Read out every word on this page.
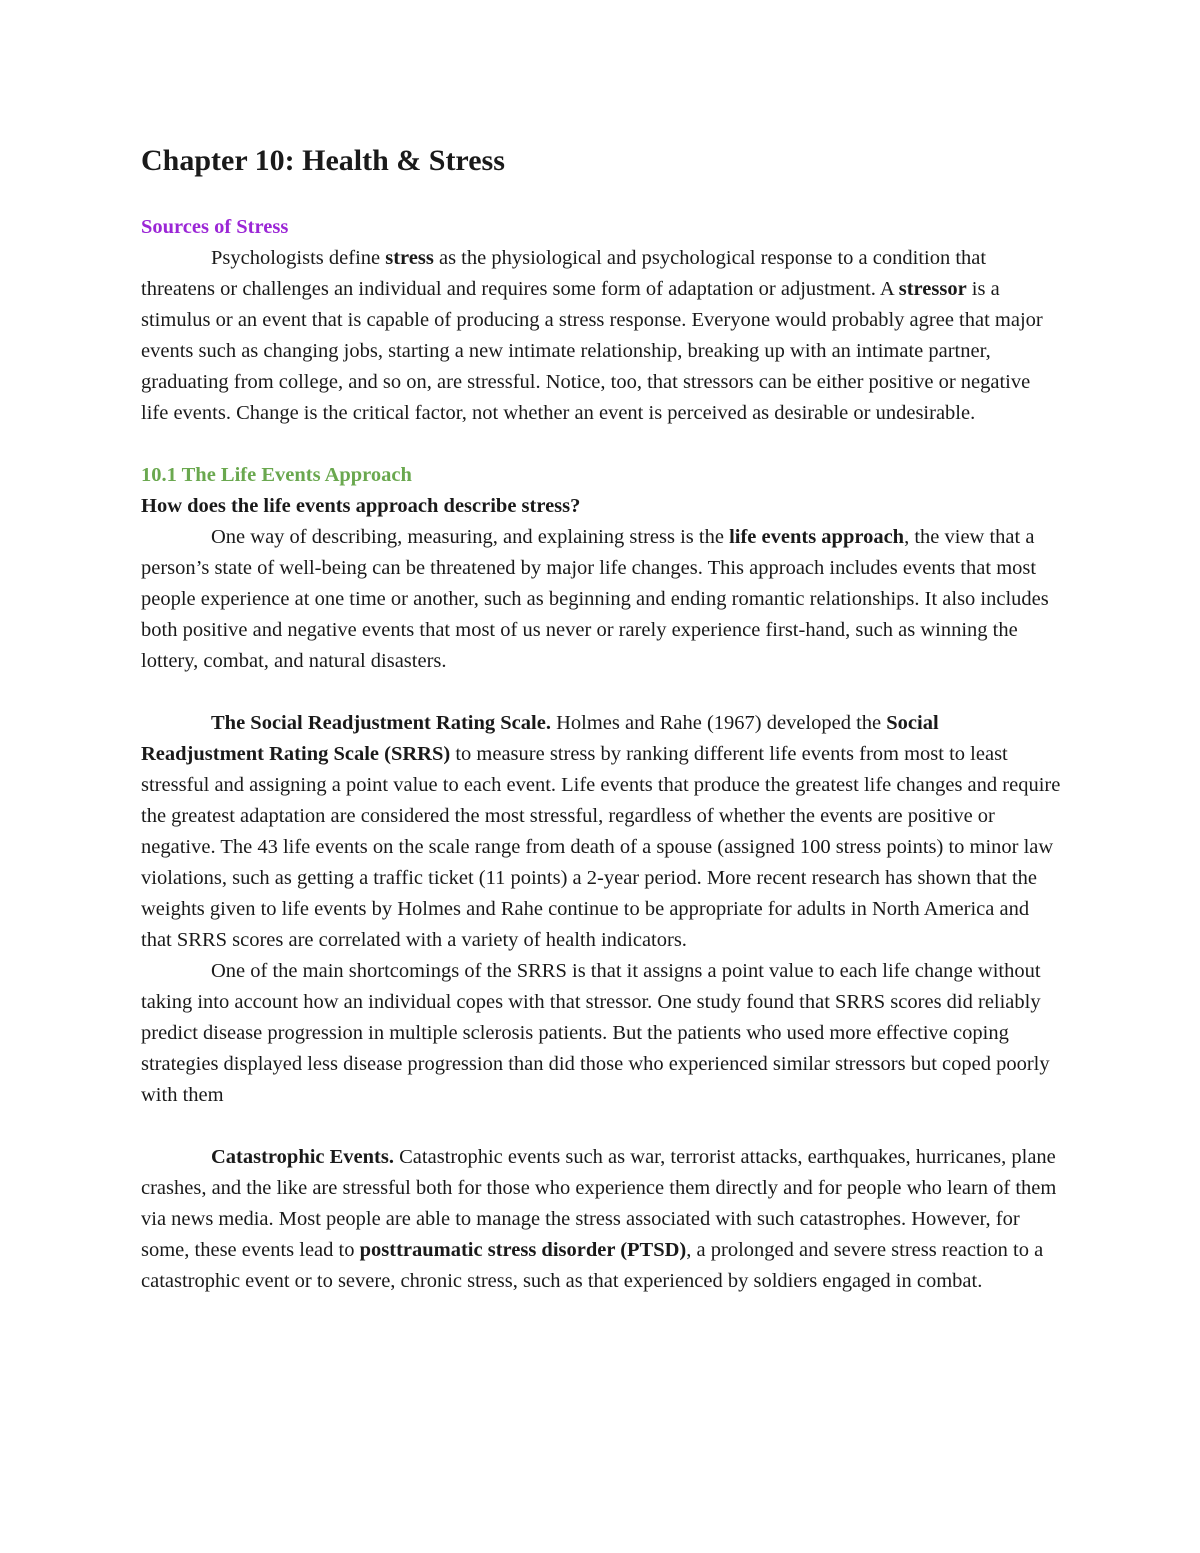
Chapter 10: Health & Stress
Sources of Stress

Psychologists define stress as the physiological and psychological response to a condition that threatens or challenges an individual and requires some form of adaptation or adjustment. A stressor is a stimulus or an event that is capable of producing a stress response. Everyone would probably agree that major events such as changing jobs, starting a new intimate relationship, breaking up with an intimate partner, graduating from college, and so on, are stressful. Notice, too, that stressors can be either positive or negative life events. Change is the critical factor, not whether an event is perceived as desirable or undesirable.

10.1 The Life Events Approach

How does the life events approach describe stress?

One way of describing, measuring, and explaining stress is the life events approach, the view that a person’s state of well-being can be threatened by major life changes. This approach includes events that most people experience at one time or another, such as beginning and ending romantic relationships. It also includes both positive and negative events that most of us never or rarely experience first-hand, such as winning the lottery, combat, and natural disasters.

The Social Readjustment Rating Scale. Holmes and Rahe (1967) developed the Social Readjustment Rating Scale (SRRS) to measure stress by ranking different life events from most to least stressful and assigning a point value to each event. Life events that produce the greatest life changes and require the greatest adaptation are considered the most stressful, regardless of whether the events are positive or negative. The 43 life events on the scale range from death of a spouse (assigned 100 stress points) to minor law violations, such as getting a traffic ticket (11 points) a 2-year period. More recent research has shown that the weights given to life events by Holmes and Rahe continue to be appropriate for adults in North America and that SRRS scores are correlated with a variety of health indicators.

One of the main shortcomings of the SRRS is that it assigns a point value to each life change without taking into account how an individual copes with that stressor. One study found that SRRS scores did reliably predict disease progression in multiple sclerosis patients. But the patients who used more effective coping strategies displayed less disease progression than did those who experienced similar stressors but coped poorly with them

Catastrophic Events. Catastrophic events such as war, terrorist attacks, earthquakes, hurricanes, plane crashes, and the like are stressful both for those who experience them directly and for people who learn of them via news media. Most people are able to manage the stress associated with such catastrophes. However, for some, these events lead to posttraumatic stress disorder (PTSD), a prolonged and severe stress reaction to a catastrophic event or to severe, chronic stress, such as that experienced by soldiers engaged in combat.
